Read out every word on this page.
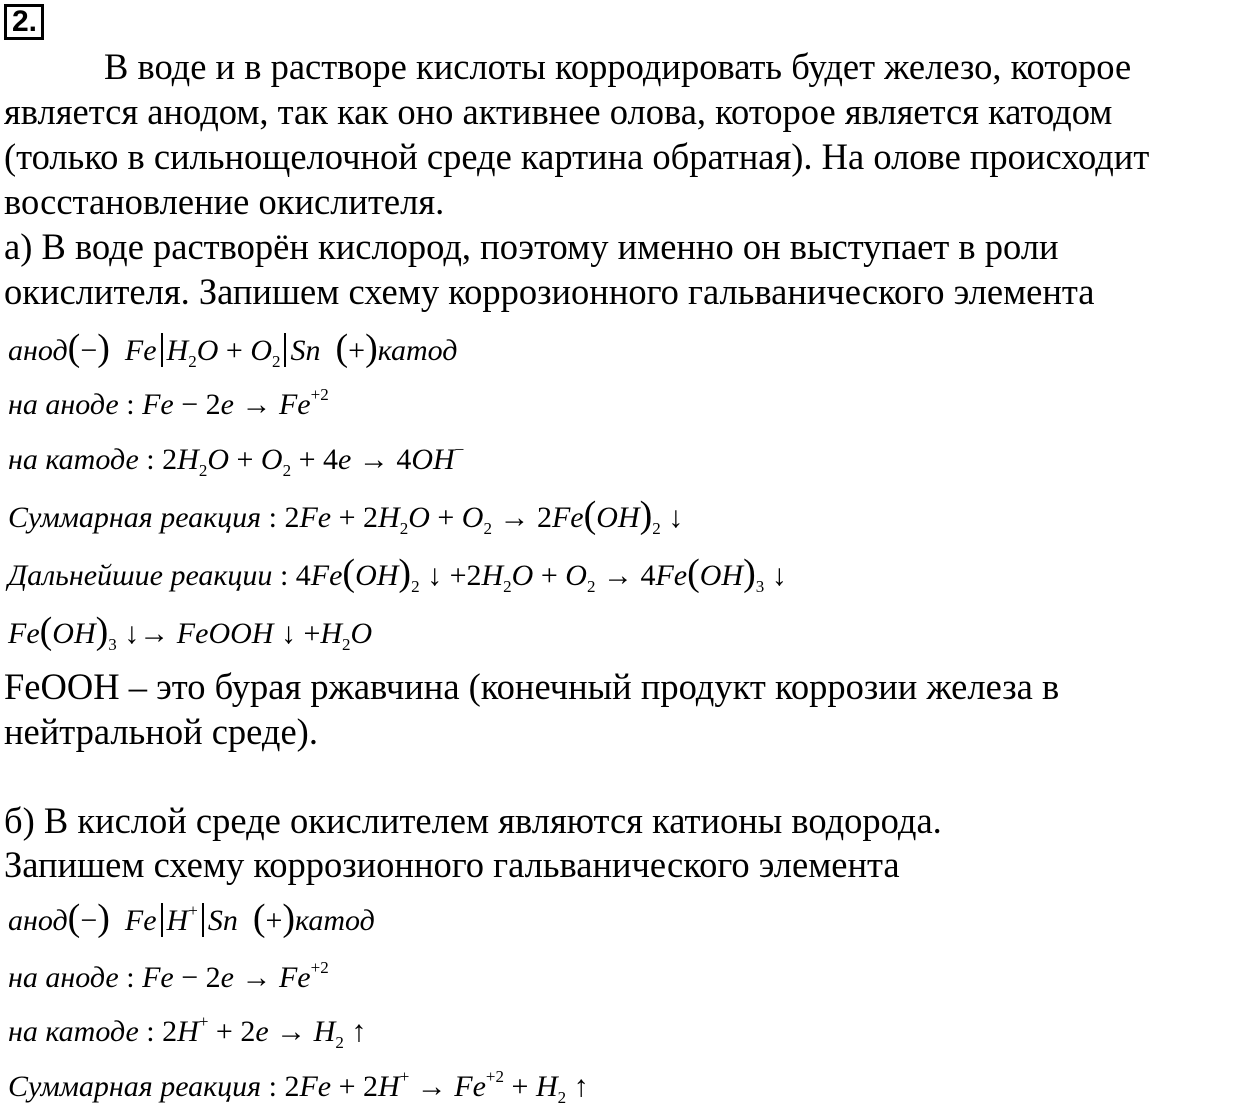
2.
В воде и в растворе кислоты корродировать будет железо, которое
является анодом, так как оно активнее олова, которое является катодом
(только в сильнощелочной среде картина обратная). На олове происходит
восстановление окислителя.
а) В воде растворён кислород, поэтому именно он выступает в роли
окислителя. Запишем схему коррозионного гальванического элемента
анод(−) Fe $H_2O + O_2$ Sn (+)катод
на аноде : $Fe - 2e \to Fe^{+2}$
на катоде : $2H_2O + O_2 + 4e \to 4OH^-$
Суммарная реакция : $2Fe + 2H_2O + O_2 \to 2Fe(OH)_2$ ↓
Дальнейшие реакции : $4Fe(OH)_2$ ↓ $+2H_2O + O_2 \to 4Fe(OH)_3$ ↓
$Fe(OH)_3$ ↓→ FeOOH ↓ $+H_2O$
FeOOH – это бурая ржавчина (конечный продукт коррозии железа в
нейтральной среде).
б) В кислой среде окислителем являются катионы водорода.
Запишем схему коррозионного гальванического элемента
анод(−) Fe H+ Sn (+)катод
на аноде : $Fe - 2e \to Fe^{+2}$
на катоде : $2H^+ + 2e \to H_2$ ↑
Суммарная реакция : $2Fe + 2H^+ \to Fe^{+2} + H_2$ ↑
